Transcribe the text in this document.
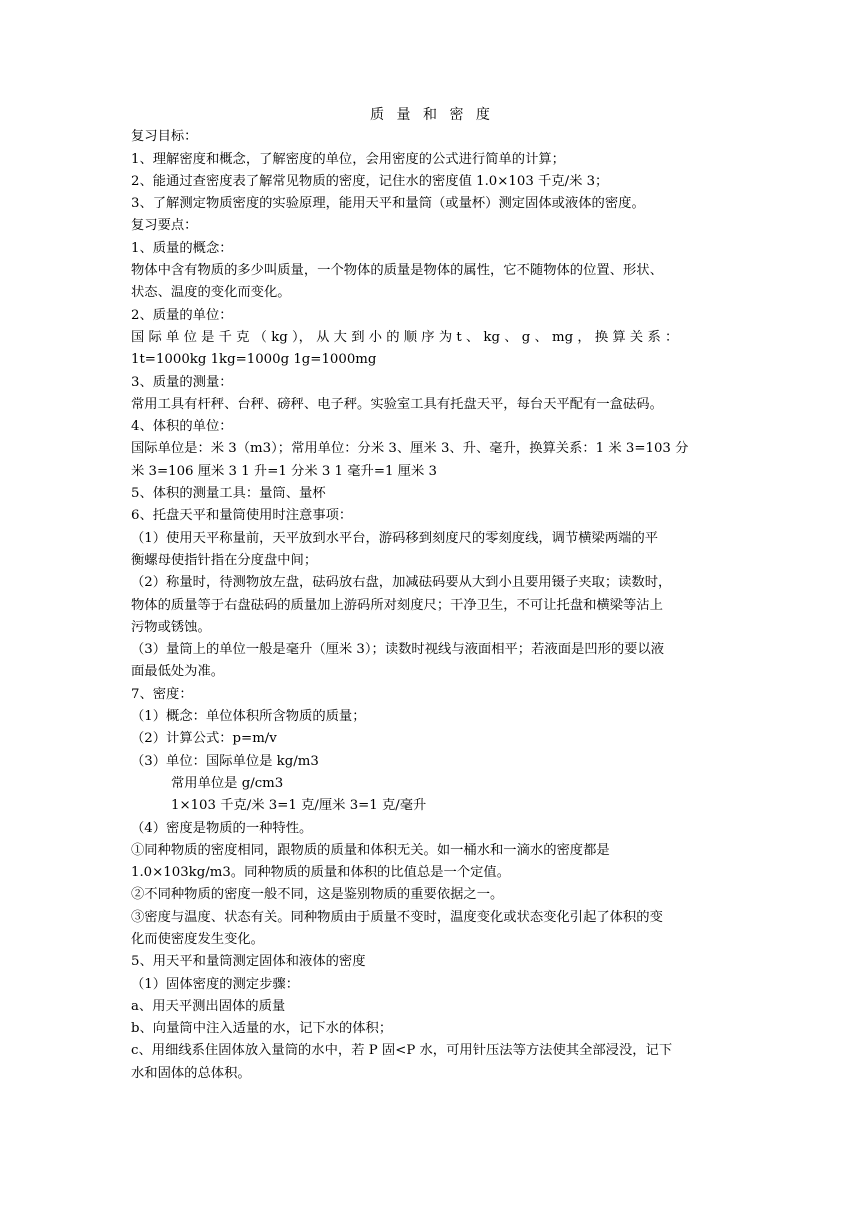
质 量 和 密 度

复习目标：

1、理解密度和概念，了解密度的单位，会用密度的公式进行简单的计算；

2、能通过查密度表了解常见物质的密度，记住水的密度值 1.0×103 千克/米 3；

3、了解测定物质密度的实验原理，能用天平和量筒（或量杯）测定固体或液体的密度。

复习要点：

1、质量的概念：

物体中含有物质的多少叫质量，一个物体的质量是物体的属性，它不随物体的位置、形状、

状态、温度的变化而变化。

2、质量的单位：

国 际 单 位 是 千 克 （ kg ）， 从 大 到 小 的 顺 序 为 t 、 kg 、 g 、 mg ， 换 算 关 系 ：

1t=1000kg 1kg=1000g 1g=1000mg

3、质量的测量：

常用工具有杆秤、台秤、磅秤、电子秤。实验室工具有托盘天平，每台天平配有一盒砝码。

4、体积的单位：

国际单位是：米 3（m3）；常用单位：分米 3、厘米 3、升、毫升，换算关系：1 米 3=103 分

米 3=106 厘米 3 1 升=1 分米 3 1 毫升=1 厘米 3

5、体积的测量工具：量筒、量杯

6、托盘天平和量筒使用时注意事项：

（1）使用天平称量前，天平放到水平台，游码移到刻度尺的零刻度线，调节横梁两端的平

衡螺母使指针指在分度盘中间；

（2）称量时，待测物放左盘，砝码放右盘，加减砝码要从大到小且要用镊子夹取；读数时，

物体的质量等于右盘砝码的质量加上游码所对刻度尺；干净卫生，不可让托盘和横梁等沾上

污物或锈蚀。

（3）量筒上的单位一般是毫升（厘米 3）；读数时视线与液面相平；若液面是凹形的要以液

面最低处为准。

7、密度：

（1）概念：单位体积所含物质的质量；

（2）计算公式：p=m/v

（3）单位：国际单位是 kg/m3

常用单位是 g/cm3

1×103 千克/米 3=1 克/厘米 3=1 克/毫升

（4）密度是物质的一种特性。

①同种物质的密度相同，跟物质的质量和体积无关。如一桶水和一滴水的密度都是

1.0×103kg/m3。同种物质的质量和体积的比值总是一个定值。

②不同种物质的密度一般不同，这是鉴别物质的重要依据之一。

③密度与温度、状态有关。同种物质由于质量不变时，温度变化或状态变化引起了体积的变

化而使密度发生变化。

5、用天平和量筒测定固体和液体的密度

（1）固体密度的测定步骤：

a、用天平测出固体的质量

b、向量筒中注入适量的水，记下水的体积；

c、用细线系住固体放入量筒的水中，若 P 固<P 水，可用针压法等方法使其全部浸没，记下

水和固体的总体积。
